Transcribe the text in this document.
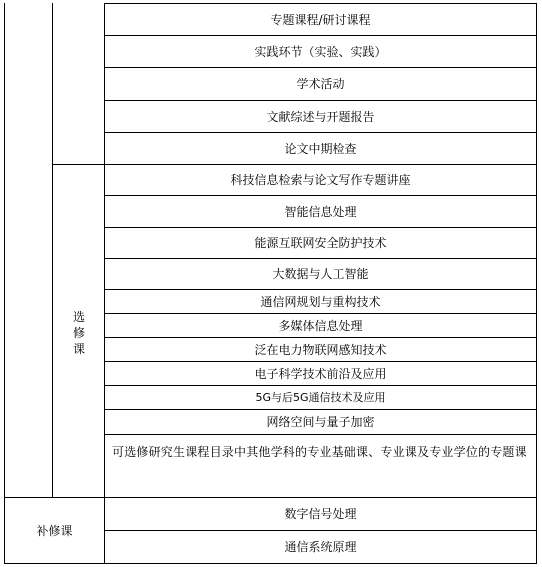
专题课程/研讨课程
实践环节（实验、实践）
学术活动
文献综述与开题报告
论文中期检查
选修课
科技信息检索与论文写作专题讲座
智能信息处理
能源互联网安全防护技术
大数据与人工智能
通信网规划与重构技术
多媒体信息处理
泛在电力物联网感知技术
电子科学技术前沿及应用
5G与后5G通信技术及应用
网络空间与量子加密
可选修研究生课程目录中其他学科的专业基础课、专业课及专业学位的专题课
补修课
数字信号处理
通信系统原理
